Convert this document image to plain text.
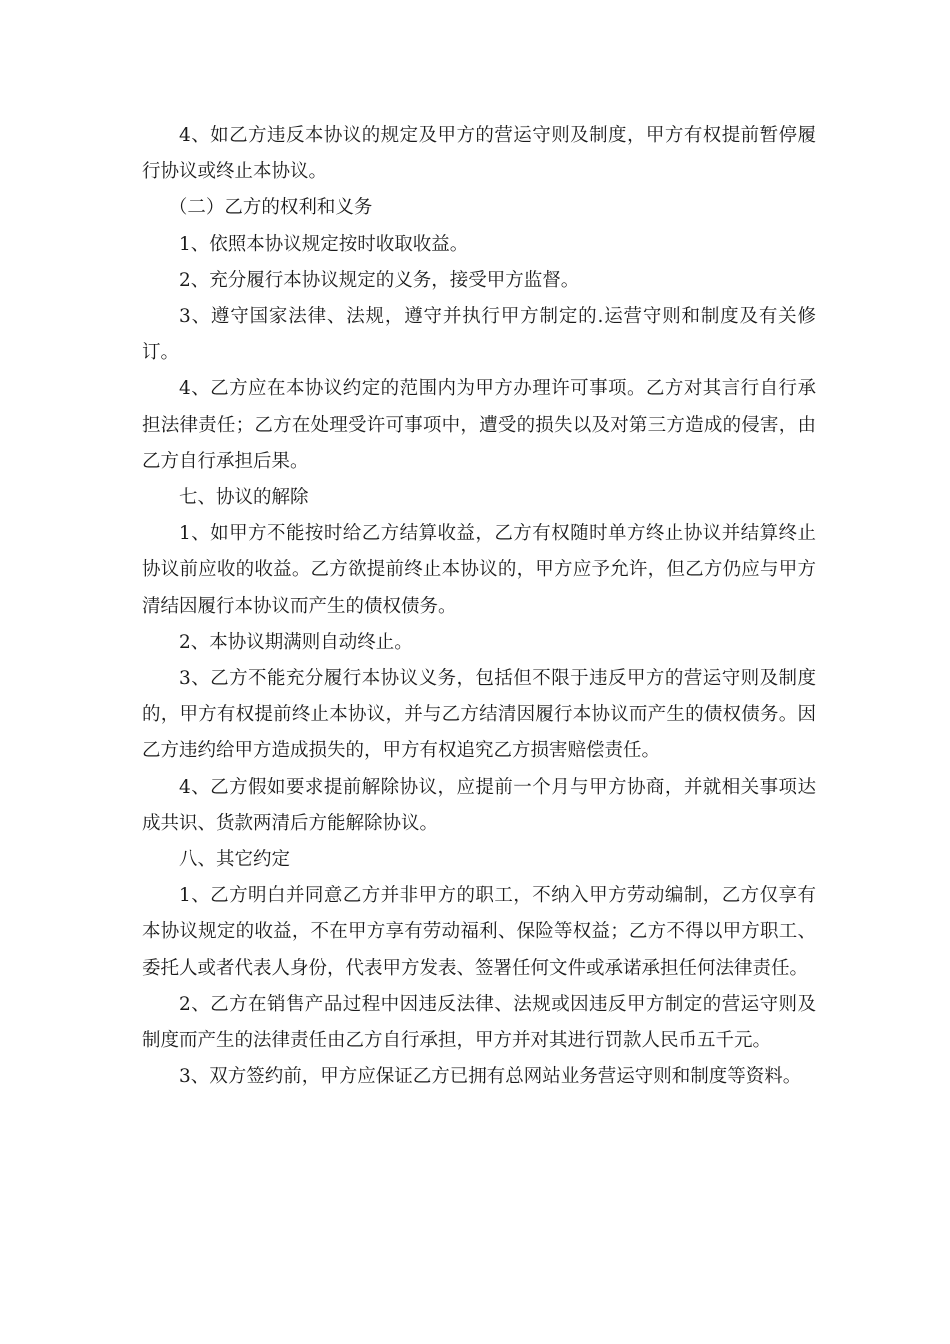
4、如乙方违反本协议的规定及甲方的营运守则及制度，甲方有权提前暂停履行协议或终止本协议。

（二）乙方的权利和义务

1、依照本协议规定按时收取收益。

2、充分履行本协议规定的义务，接受甲方监督。

3、遵守国家法律、法规，遵守并执行甲方制定的.运营守则和制度及有关修订。

4、乙方应在本协议约定的范围内为甲方办理许可事项。乙方对其言行自行承担法律责任；乙方在处理受许可事项中，遭受的损失以及对第三方造成的侵害，由乙方自行承担后果。

七、协议的解除

1、如甲方不能按时给乙方结算收益，乙方有权随时单方终止协议并结算终止协议前应收的收益。乙方欲提前终止本协议的，甲方应予允许，但乙方仍应与甲方清结因履行本协议而产生的债权债务。

2、本协议期满则自动终止。

3、乙方不能充分履行本协议义务，包括但不限于违反甲方的营运守则及制度的，甲方有权提前终止本协议，并与乙方结清因履行本协议而产生的债权债务。因乙方违约给甲方造成损失的，甲方有权追究乙方损害赔偿责任。

4、乙方假如要求提前解除协议，应提前一个月与甲方协商，并就相关事项达成共识、货款两清后方能解除协议。

八、其它约定

1、乙方明白并同意乙方并非甲方的职工，不纳入甲方劳动编制，乙方仅享有本协议规定的收益，不在甲方享有劳动福利、保险等权益；乙方不得以甲方职工、委托人或者代表人身份，代表甲方发表、签署任何文件或承诺承担任何法律责任。

2、乙方在销售产品过程中因违反法律、法规或因违反甲方制定的营运守则及制度而产生的法律责任由乙方自行承担，甲方并对其进行罚款人民币五千元。

3、双方签约前，甲方应保证乙方已拥有总网站业务营运守则和制度等资料。
